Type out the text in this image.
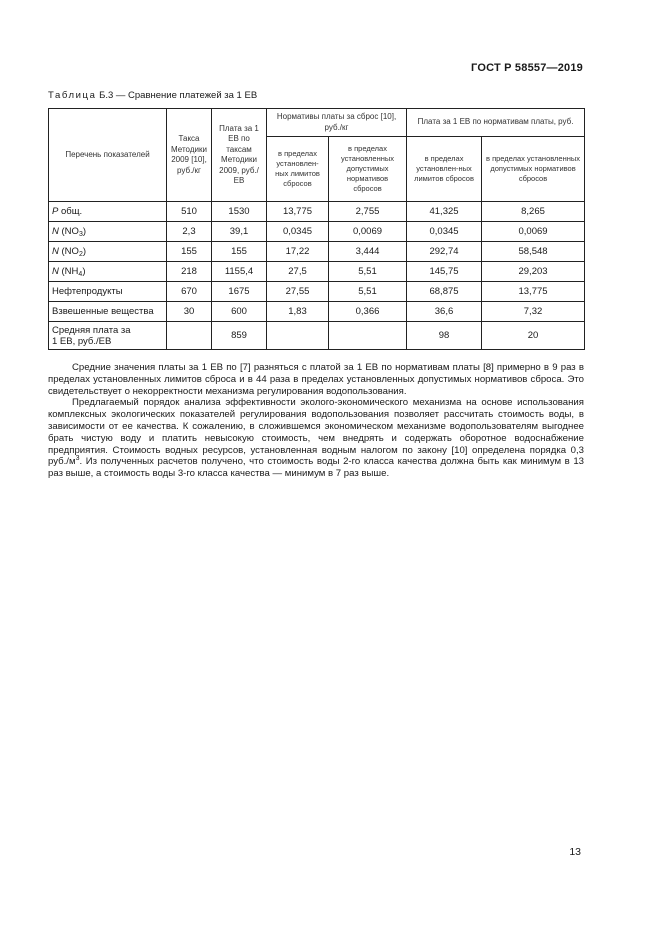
ГОСТ Р 58557—2019
Таблица Б.3 — Сравнение платежей за 1 ЕВ
Перечень показателей	Такса Методики 2009 [10], руб./кг	Плата за 1 ЕВ по таксам Методики 2009, руб./ЕВ	Нормативы платы за сброс [10], руб./кг		Плата за 1 ЕВ по нормативам платы, руб.	
			в пределах установлен-ных лимитов сбросов	в пределах установленных допустимых нормативов сбросов	в пределах установлен-ных лимитов сбросов	в пределах установленных допустимых нормативов сбросов
P общ.	510	1530	13,775	2,755	41,325	8,265
N $(NO_3)$	2,3	39,1	0,0345	0,0069	0,0345	0,0069
N $(NO_2)$	155	155	17,22	3,444	292,74	58,548
N $(NH_4)$	218	1155,4	27,5	5,51	145,75	29,203
Нефтепродукты	670	1675	27,55	5,51	68,875	13,775
Взвешенные вещества	30	600	1,83	0,366	36,6	7,32
Средняя плата за
1 ЕВ, руб./ЕВ		859			98	20

Средние значения платы за 1 ЕВ по [7] разняться с платой за 1 ЕВ по нормативам платы [8] примерно в 9 раз в пределах установленных лимитов сброса и в 44 раза в пределах установленных допустимых нормативов сброса. Это свидетельствует о некорректности механизма регулирования водопользования.

Предлагаемый порядок анализа эффективности эколого-экономического механизма на основе использования комплексных экологических показателей регулирования водопользования позволяет рассчитать стоимость воды, в зависимости от ее качества. К сожалению, в сложившемся экономическом механизме водопользователям выгоднее брать чистую воду и платить невысокую стоимость, чем внедрять и содержать оборотное водоснабжение предприятия. Стоимость водных ресурсов, установленная водным налогом по закону [10] определена порядка 0,3 $руб./м^3$. Из полученных расчетов получено, что стоимость воды 2-го класса качества должна быть как минимум в 13 раз выше, а стоимость воды 3-го класса качества — минимум в 7 раз выше.

13
